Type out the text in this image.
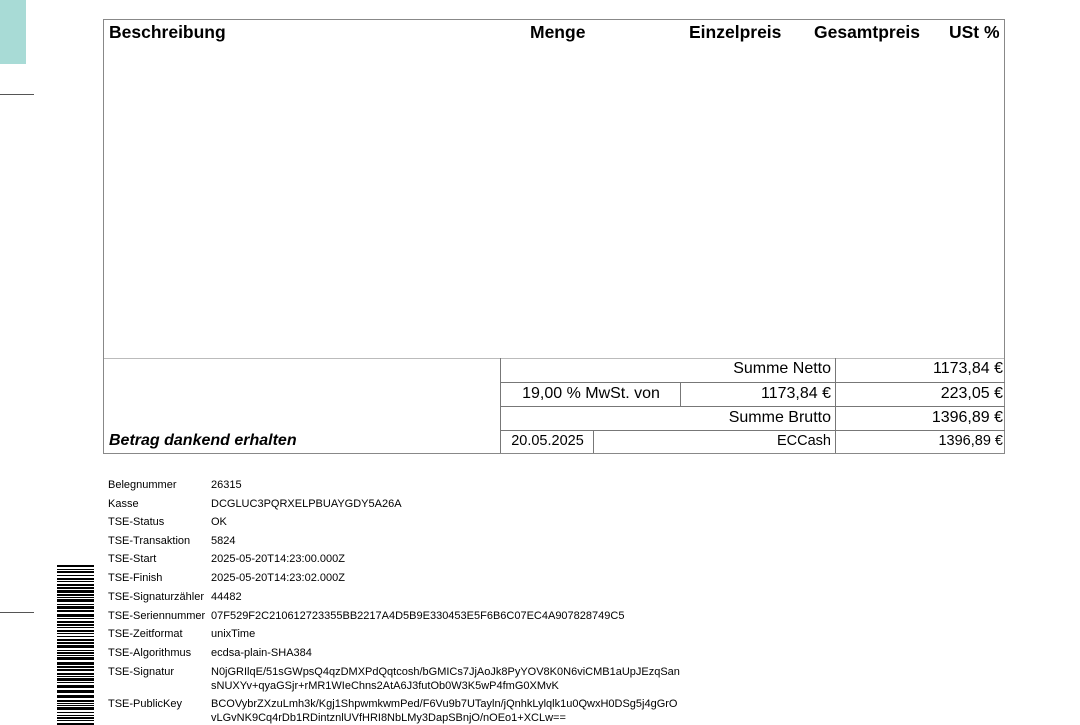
Beschreibung	Menge	Einzelpreis Gesamtpreis USt %
Summe Netto	1173,84 €
19,00 % MwSt. von	1173,84 €	223,05 €
Summe Brutto	1396,89 €
Betrag dankend erhalten	20.05.2025	ECCash	1396,89 €
Belegnummer	26315
Kasse	DCGLUC3PQRXELPBUAYGDY5A26A
TSE-Status	OK
TSE-Transaktion	5824
TSE-Start	2025-05-20T14:23:00.000Z
TSE-Finish	2025-05-20T14:23:02.000Z
TSE-Signaturzähler 44482
TSE-Seriennummer 07F529F2C210612723355BB2217A4D5B9E330453E5F6B6C07EC4A907828749C5
TSE-Zeitformat	unixTime
TSE-Algorithmus	ecdsa-plain-SHA384
TSE-Signatur	N0jGRIlqE/51sGWpsQ4qzDMXPdQqtcosh/bGMICs7JjAoJk8PyYOV8K0N6viCMB1aUpJEzqSan
sNUXYv+qyaGSjr+rMR1WIeChns2AtA6J3futOb0W3K5wP4fmG0XMvK
TSE-PublicKey	BCOVybrZXzuLmh3k/Kgj1ShpwmkwmPed/F6Vu9b7UTayln/jQnhkLylqlk1u0QwxH0DSg5j4gGrO
vLGvNK9Cq4rDb1RDintznlUVfHRI8NbLMy3DapSBnjO/nOEo1+XCLw==
